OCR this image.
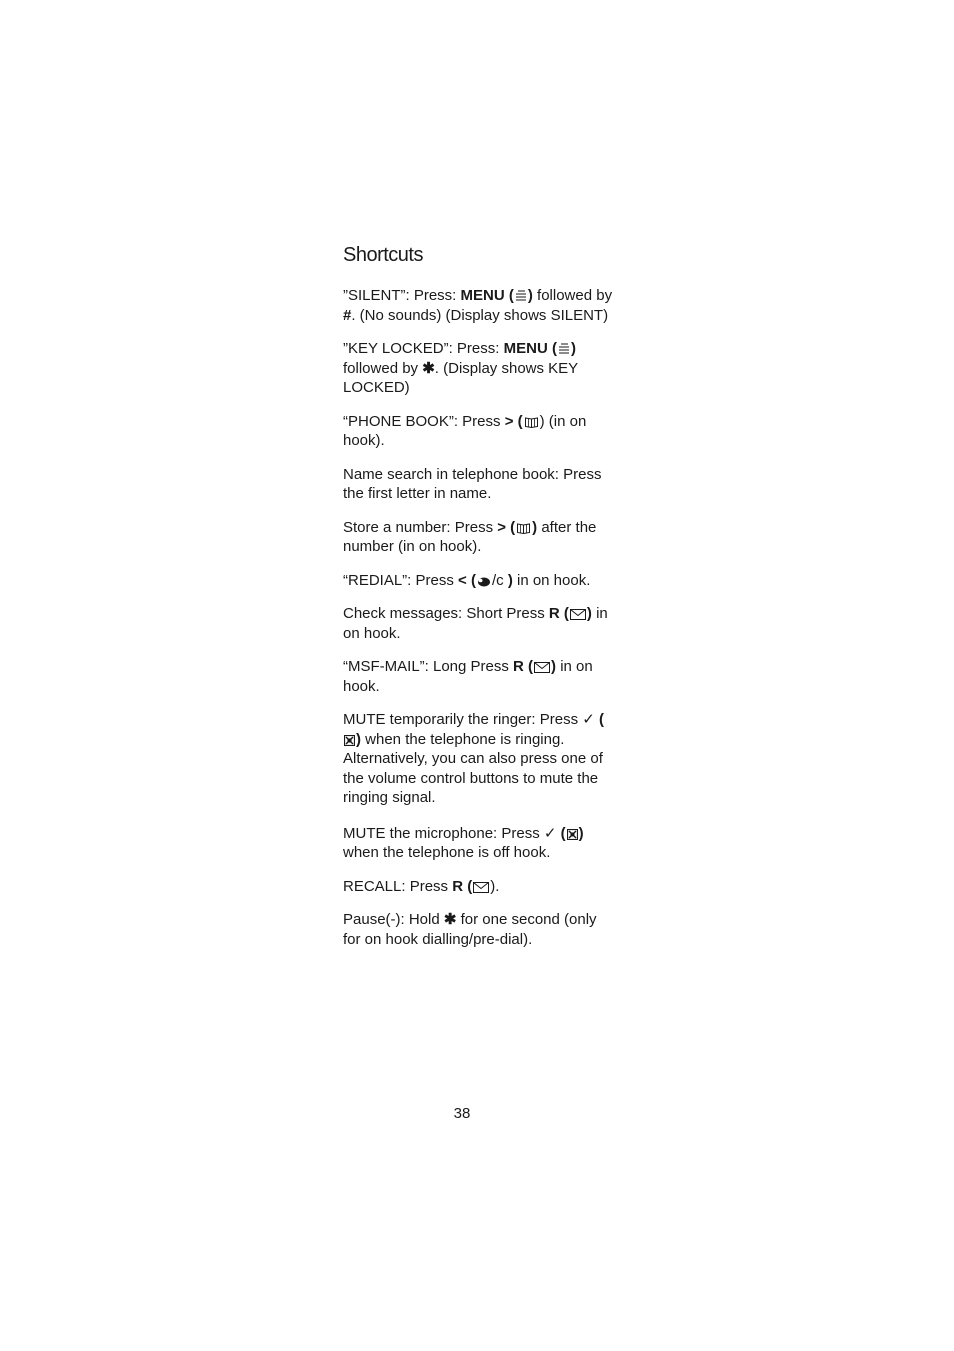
Shortcuts

”SILENT”: Press: MENU ( ) followed by #. (No sounds) (Display shows SILENT)

”KEY LOCKED”: Press: MENU ( ) followed by ✱. (Display shows KEY LOCKED)

“PHONE BOOK”: Press > ( ) (in on hook).

Name search in telephone book: Press the first letter in name.

Store a number: Press > ( ) after the number (in on hook).

“REDIAL”: Press < ( /c ) in on hook.

Check messages: Short Press R ( ) in on hook.

“MSF-MAIL”: Long Press R ( ) in on hook.

MUTE temporarily the ringer: Press ✓ (
) when the telephone is ringing. Alternatively, you can also press one of the volume control buttons to mute the ringing signal.

MUTE the microphone: Press ✓ ( ) when the telephone is off hook.

RECALL: Press R ( ).

Pause(-): Hold ✱ for one second (only for on hook dialling/pre-dial).

38
